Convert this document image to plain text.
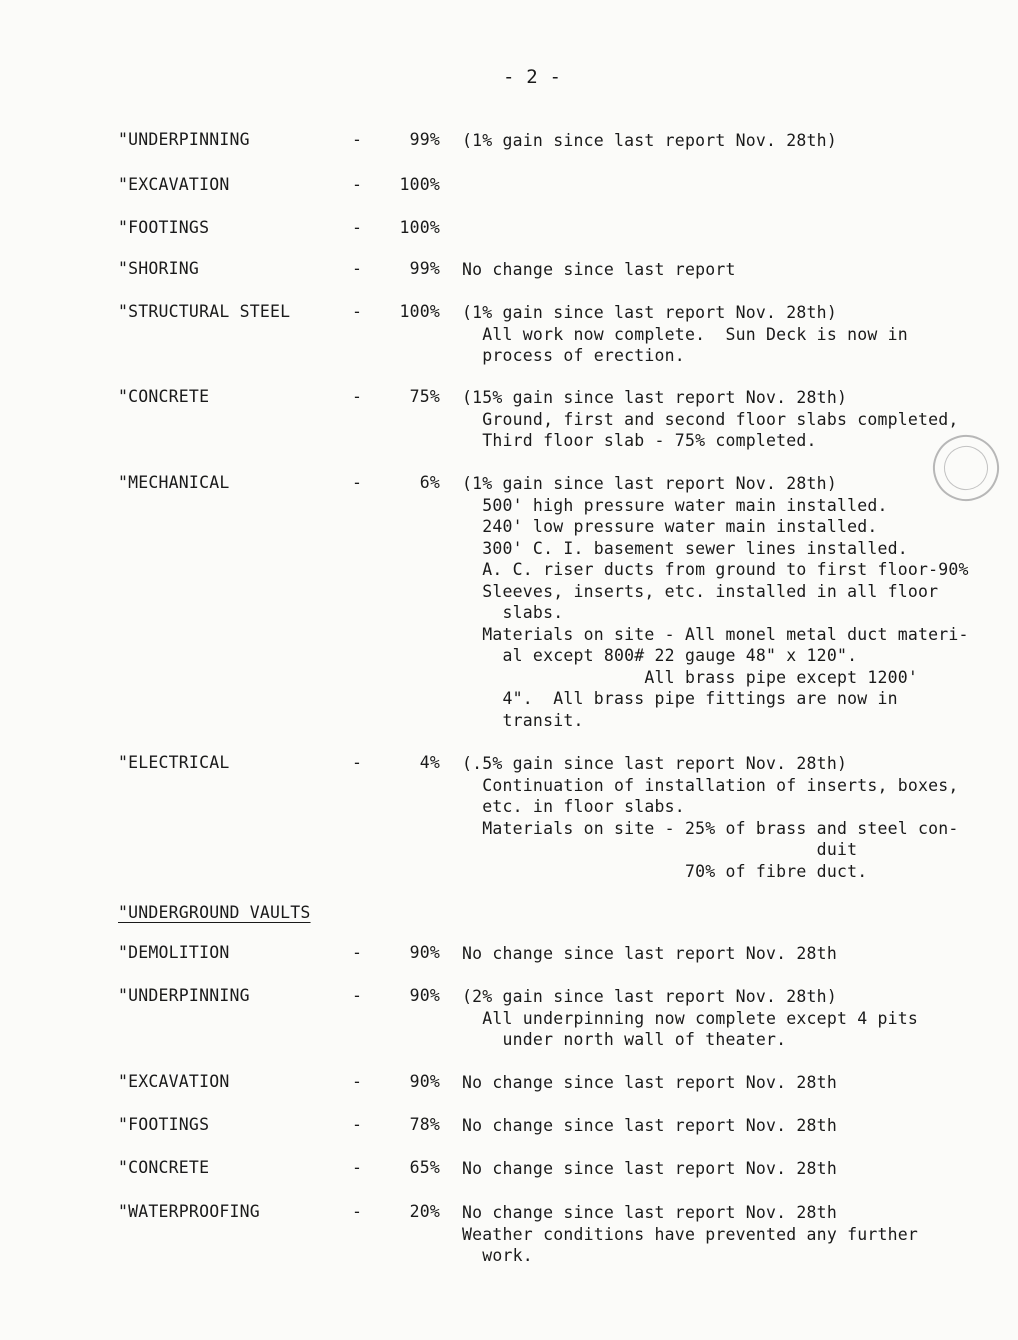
- 2 -
"UNDERPINNING	-	99% (1% gain since last report Nov. 28th)
"EXCAVATION	- 100%
"FOOTINGS	- 100%
"SHORING	-	99% No change since last report
"STRUCTURAL STEEL	- 100% (1% gain since last report Nov. 28th)
All work now complete.  Sun Deck is now in
process of erection.
"CONCRETE	-	75% (15% gain since last report Nov. 28th)
Ground, first and second floor slabs completed,
Third floor slab - 75% completed.
"MECHANICAL	-	6% (1% gain since last report Nov. 28th)
500' high pressure water main installed.
240' low pressure water main installed.
300' C. I. basement sewer lines installed.
A. C. riser ducts from ground to first floor-90%
Sleeves, inserts, etc. installed in all floor
slabs.
Materials on site - All monel metal duct materi-
al except 800# 22 gauge 48" x 120".
All brass pipe except 1200'
4".  All brass pipe fittings are now in
transit.
"ELECTRICAL	-	4% (.5% gain since last report Nov. 28th)
Continuation of installation of inserts, boxes,
etc. in floor slabs.
Materials on site - 25% of brass and steel con-
duit
70% of fibre duct.
"UNDERGROUND VAULTS
"DEMOLITION	-	90% No change since last report Nov. 28th
"UNDERPINNING	-	90% (2% gain since last report Nov. 28th)
All underpinning now complete except 4 pits
under north wall of theater.
"EXCAVATION	-	90% No change since last report Nov. 28th
"FOOTINGS	-	78% No change since last report Nov. 28th
"CONCRETE	-	65% No change since last report Nov. 28th
"WATERPROOFING	-	20% No change since last report Nov. 28th
Weather conditions have prevented any further
work.
